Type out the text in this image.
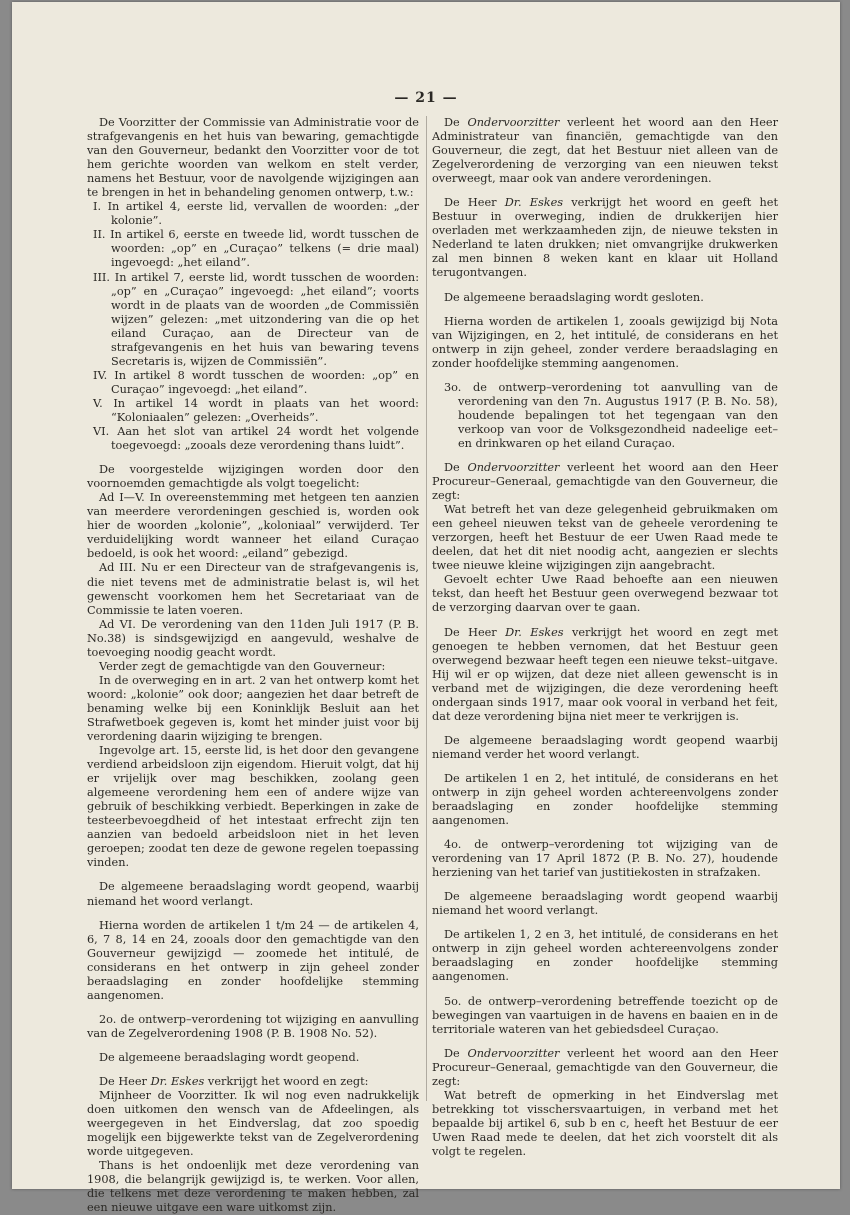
— 21 —

De Voorzitter der Commissie van Administratie voor de strafgevangenis en het huis van bewaring, gemachtigde van den Gouverneur, bedankt den Voorzitter voor de tot hem gerichte woorden van welkom en stelt verder, namens het Bestuur, voor de navolgende wijzigingen aan te brengen in het in behandeling genomen ontwerp, t.w.:

I. In artikel 4, eerste lid, vervallen de woorden: „der kolonie”.
II. In artikel 6, eerste en tweede lid, wordt tusschen de woorden: „op” en „Curaçao” telkens (= drie maal) ingevoegd: „het eiland”.
III. In artikel 7, eerste lid, wordt tusschen de woorden: „op” en „Curaçao” ingevoegd: „het eiland”; voorts wordt in de plaats van de woorden „de Commissiën wijzen” gelezen: „met uitzondering van die op het eiland Curaçao, aan de Directeur van de strafgevangenis en het huis van bewaring tevens Secretaris is, wijzen de Commissiën”.
IV. In artikel 8 wordt tusschen de woorden: „op” en Curaçao” ingevoegd: „het eiland”.
V. In artikel 14 wordt in plaats van het woord: “Koloniaalen” gelezen: „Overheids”.
VI. Aan het slot van artikel 24 wordt het volgende toegevoegd: „zooals deze verordening thans luidt”.

De voorgestelde wijzigingen worden door den voornoemden gemachtigde als volgt toegelicht:

Ad I—V. In overeenstemming met hetgeen ten aanzien van meerdere verordeningen geschied is, worden ook hier de woorden „kolonie”, „koloniaal” verwijderd. Ter verduidelijking wordt wanneer het eiland Curaçao bedoeld, is ook het woord: „eiland” gebezigd.

Ad III. Nu er een Directeur van de strafgevangenis is, die niet tevens met de administratie belast is, wil het gewenscht voorkomen hem het Secretariaat van de Commissie te laten voeren.

Ad VI. De verordening van den 11den Juli 1917 (P. B. No.38) is sindsgewijzigd en aangevuld, weshalve de toevoeging noodig geacht wordt.

Verder zegt de gemachtigde van den Gouverneur:

In de overweging en in art. 2 van het ontwerp komt het woord: „kolonie” ook door; aangezien het daar betreft de benaming welke bij een Koninklijk Besluit aan het Strafwetboek gegeven is, komt het minder juist voor bij verordening daarin wijziging te brengen.

Ingevolge art. 15, eerste lid, is het door den gevangene verdiend arbeidsloon zijn eigendom. Hieruit volgt, dat hij er vrijelijk over mag beschikken, zoolang geen algemeene verordening hem een of andere wijze van gebruik of beschikking verbiedt. Beperkingen in zake de testeerbevoegdheid of het intestaat erfrecht zijn ten aanzien van bedoeld arbeidsloon niet in het leven geroepen; zoodat ten deze de gewone regelen toepassing vinden.

De algemeene beraadslaging wordt geopend, waarbij niemand het woord verlangt.

Hierna worden de artikelen 1 t/m 24 — de artikelen 4, 6, 7 8, 14 en 24, zooals door den gemachtigde van den Gouverneur gewijzigd — zoomede het intitulé, de considerans en het ontwerp in zijn geheel zonder beraadslaging en zonder hoofdelijke stemming aangenomen.

2o. de ontwerp–verordening tot wijziging en aanvulling van de Zegelverordening 1908 (P. B. 1908 No. 52).

De algemeene beraadslaging wordt geopend.

De Heer Dr. Eskes verkrijgt het woord en zegt:

Mijnheer de Voorzitter. Ik wil nog even nadrukkelijk doen uitkomen den wensch van de Afdeelingen, als weergegeven in het Eindverslag, dat zoo spoedig mogelijk een bijgewerkte tekst van de Zegelverordening worde uitgegeven.

Thans is het ondoenlijk met deze verordening van 1908, die belangrijk gewijzigd is, te werken. Voor allen, die telkens met deze verordening te maken hebben, zal een nieuwe uitgave een ware uitkomst zijn.

De Ondervoorzitter verleent het woord aan den Heer Administrateur van financiën, gemachtigde van den Gouverneur, die zegt, dat het Bestuur niet alleen van de Zegelverordening de verzorging van een nieuwen tekst overweegt, maar ook van andere verordeningen.

De Heer Dr. Eskes verkrijgt het woord en geeft het Bestuur in overweging, indien de drukkerijen hier overladen met werkzaamheden zijn, de nieuwe teksten in Nederland te laten drukken; niet omvangrijke drukwerken zal men binnen 8 weken kant en klaar uit Holland terugontvangen.

De algemeene beraadslaging wordt gesloten.

Hierna worden de artikelen 1, zooals gewijzigd bij Nota van Wijzigingen, en 2, het intitulé, de considerans en het ontwerp in zijn geheel, zonder verdere beraadslaging en zonder hoofdelijke stemming aangenomen.

3o. de ontwerp–verordening tot aanvulling van de verordening van den 7n. Augustus 1917 (P. B. No. 58), houdende bepalingen tot het tegengaan van den verkoop van voor de Volksgezondheid nadeelige eet– en drinkwaren op het eiland Curaçao.

De Ondervoorzitter verleent het woord aan den Heer Procureur–Generaal, gemachtigde van den Gouverneur, die zegt:

Wat betreft het van deze gelegenheid gebruikmaken om een geheel nieuwen tekst van de geheele verordening te verzorgen, heeft het Bestuur de eer Uwen Raad mede te deelen, dat het dit niet noodig acht, aangezien er slechts twee nieuwe kleine wijzigingen zijn aangebracht.

Gevoelt echter Uwe Raad behoefte aan een nieuwen tekst, dan heeft het Bestuur geen overwegend bezwaar tot de verzorging daarvan over te gaan.

De Heer Dr. Eskes verkrijgt het woord en zegt met genoegen te hebben vernomen, dat het Bestuur geen overwegend bezwaar heeft tegen een nieuwe tekst–uitgave. Hij wil er op wijzen, dat deze niet alleen gewenscht is in verband met de wijzigingen, die deze verordening heeft ondergaan sinds 1917, maar ook vooral in verband het feit, dat deze verordening bijna niet meer te verkrijgen is.

De algemeene beraadslaging wordt geopend waarbij niemand verder het woord verlangt.

De artikelen 1 en 2, het intitulé, de considerans en het ontwerp in zijn geheel worden achtereenvolgens zonder beraadslaging en zonder hoofdelijke stemming aangenomen.

4o. de ontwerp–verordening tot wijziging van de verordening van 17 April 1872 (P. B. No. 27), houdende herziening van het tarief van justitiekosten in strafzaken.

De algemeene beraadslaging wordt geopend waarbij niemand het woord verlangt.

De artikelen 1, 2 en 3, het intitulé, de considerans en het ontwerp in zijn geheel worden achtereenvolgens zonder beraadslaging en zonder hoofdelijke stemming aangenomen.

5o. de ontwerp–verordening betreffende toezicht op de bewegingen van vaartuigen in de havens en baaien en in de territoriale wateren van het gebiedsdeel Curaçao.

De Ondervoorzitter verleent het woord aan den Heer Procureur–Generaal, gemachtigde van den Gouverneur, die zegt:

Wat betreft de opmerking in het Eindverslag met betrekking tot visschersvaartuigen, in verband met het bepaalde bij artikel 6, sub b en c, heeft het Bestuur de eer Uwen Raad mede te deelen, dat het zich voorstelt dit als volgt te regelen.
